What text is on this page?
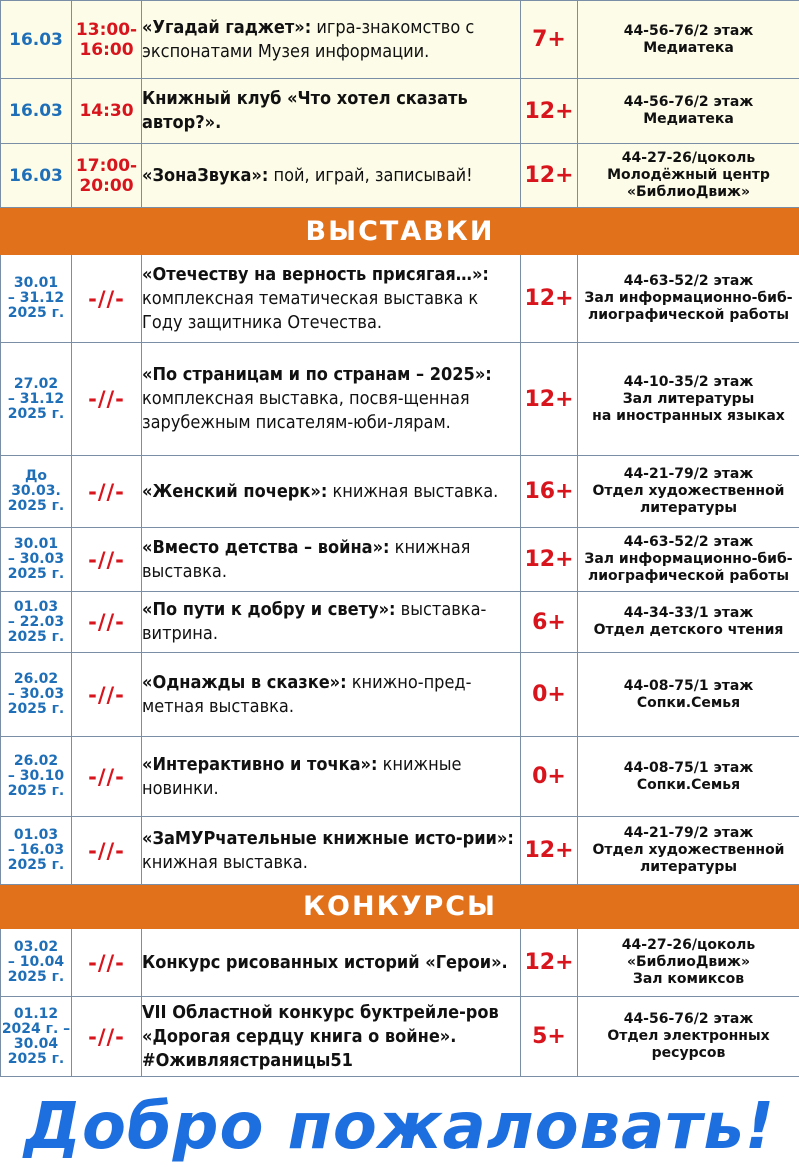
16.03	13:00-
16:00	«Угадай гаджет»: игра-знакомство с экспонатами Музея информации.	7+	44-56-76/2 этаж
Медиатека
16.03	14:30	Книжный клуб «Что хотел сказать автор?».	12+	44-56-76/2 этаж
Медиатека
16.03	17:00-
20:00	«ЗонаЗвука»: пой, играй, записывай!	12+	44-27-26/цоколь
Молодёжный центр
«БиблиоДвиж»
ВЫСТАВКИ				
30.01
– 31.12
2025 г.	-//-	«Отечеству на верность присягая…»: комплексная тематическая выставка к Году защитника Отечества.	12+	44-63-52/2 этаж
Зал информационно-биб-
лиографической работы
27.02
– 31.12
2025 г.	-//-	«По страницам и по странам – 2025»: комплексная выставка, посвя-щенная зарубежным писателям-юби-лярам.	12+	44-10-35/2 этаж
Зал литературы
на иностранных языках
До
30.03.
2025 г.	-//-	«Женский почерк»: книжная выставка.	16+	44-21-79/2 этаж
Отдел художественной
литературы
30.01
– 30.03
2025 г.	-//-	«Вместо детства – война»: книжная выставка.	12+	44-63-52/2 этаж
Зал информационно-биб-
лиографической работы
01.03
– 22.03
2025 г.	-//-	«По пути к добру и свету»: выставка-витрина.	6+	44-34-33/1 этаж
Отдел детского чтения
26.02
– 30.03
2025 г.	-//-	«Однажды в сказке»: книжно-пред-метная выставка.	0+	44-08-75/1 этаж
Сопки.Семья
26.02
– 30.10
2025 г.	-//-	«Интерактивно и точка»: книжные новинки.	0+	44-08-75/1 этаж
Сопки.Семья
01.03
– 16.03
2025 г.	-//-	«ЗаМУРчательные книжные исто-рии»: книжная выставка.	12+	44-21-79/2 этаж
Отдел художественной
литературы
КОНКУРСЫ				
03.02
– 10.04
2025 г.	-//-	Конкурс рисованных историй «Герои».	12+	44-27-26/цоколь
«БиблиоДвиж»
Зал комиксов
01.12
2024 г. –
30.04
2025 г.	-//-	VII Областной конкурс буктрейле-ров «Дорогая сердцу книга о войне». #Оживляястраницы51	5+	44-56-76/2 этаж
Отдел электронных
ресурсов
Добро пожаловать!
